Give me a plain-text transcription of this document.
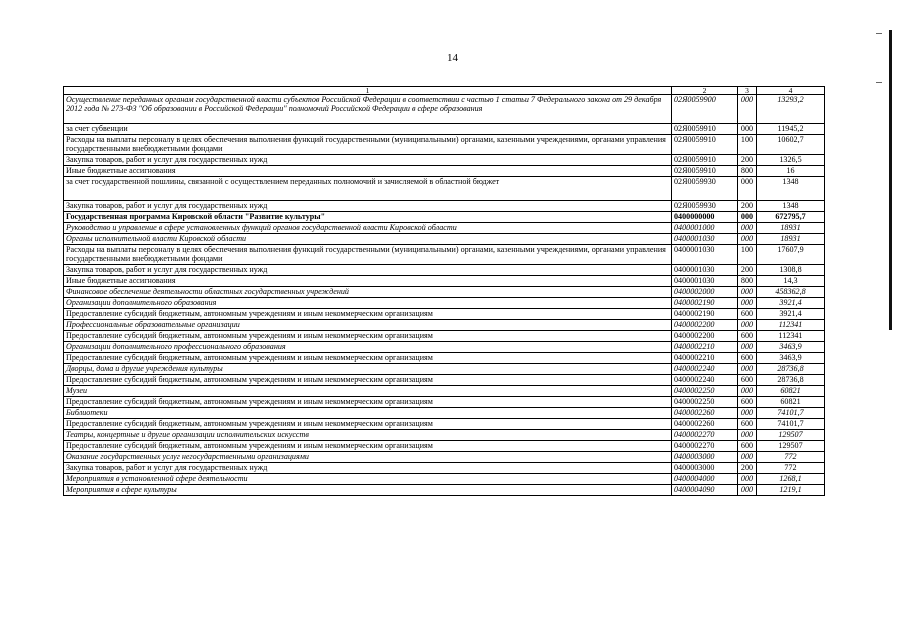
14
1	2	3	4
Осуществление переданных органам государственной власти субъектов Российской Федерации в соответствии с частью 1 статьи 7 Федерального закона от 29 декабря 2012 года № 273-ФЗ "Об образовании в Российской Федерации" полномочий Российской Федерации в сфере образования	02Я0059900	000	13293,2
за счет субвенции	02Я0059910	000	11945,2
Расходы на выплаты персоналу в целях обеспечения выполнения функций государственными (муниципальными) органами, казенными учреждениями, органами управления государственными внебюджетными фондами	02Я0059910	100	10602,7
Закупка товаров, работ и услуг для государственных нужд	02Я0059910	200	1326,5
Иные бюджетные ассигнования	02Я0059910	800	16
за счет государственной пошлины, связанной с осуществлением переданных полномочий и зачисляемой в областной бюджет	02Я0059930	000	1348
Закупка товаров, работ и услуг для государственных нужд	02Я0059930	200	1348
Государственная программа Кировской области "Развитие культуры"	0400000000	000	672795,7
Руководство и управление в сфере установленных функций органов государственной власти Кировской области	0400001000	000	18931
Органы исполнительной власти Кировской области	0400001030	000	18931
Расходы на выплаты персоналу в целях обеспечения выполнения функций государственными (муниципальными) органами, казенными учреждениями, органами управления государственными внебюджетными фондами	0400001030	100	17607,9
Закупка товаров, работ и услуг для государственных нужд	0400001030	200	1308,8
Иные бюджетные ассигнования	0400001030	800	14,3
Финансовое обеспечение деятельности областных государственных учреждений	0400002000	000	458362,8
Организации дополнительного образования	0400002190	000	3921,4
Предоставление субсидий бюджетным, автономным учреждениям и иным некоммерческим организациям	0400002190	600	3921,4
Профессиональные образовательные организации	0400002200	000	112341
Предоставление субсидий бюджетным, автономным учреждениям и иным некоммерческим организациям	0400002200	600	112341
Организации дополнительного профессионального образования	0400002210	000	3463,9
Предоставление субсидий бюджетным, автономным учреждениям и иным некоммерческим организациям	0400002210	600	3463,9
Дворцы, дома и другие учреждения культуры	0400002240	000	28736,8
Предоставление субсидий бюджетным, автономным учреждениям и иным некоммерческим организациям	0400002240	600	28736,8
Музеи	0400002250	000	60821
Предоставление субсидий бюджетным, автономным учреждениям и иным некоммерческим организациям	0400002250	600	60821
Библиотеки	0400002260	000	74101,7
Предоставление субсидий бюджетным, автономным учреждениям и иным некоммерческим организациям	0400002260	600	74101,7
Театры, концертные и другие организации исполнительских искусств	0400002270	000	129507
Предоставление субсидий бюджетным, автономным учреждениям и иным некоммерческим организациям	0400002270	600	129507
Оказание государственных услуг негосударственными организациями	0400003000	000	772
Закупка товаров, работ и услуг для государственных нужд	0400003000	200	772
Мероприятия в установленной сфере деятельности	0400004000	000	1268,1
Мероприятия в сфере культуры	0400004090	000	1219,1
